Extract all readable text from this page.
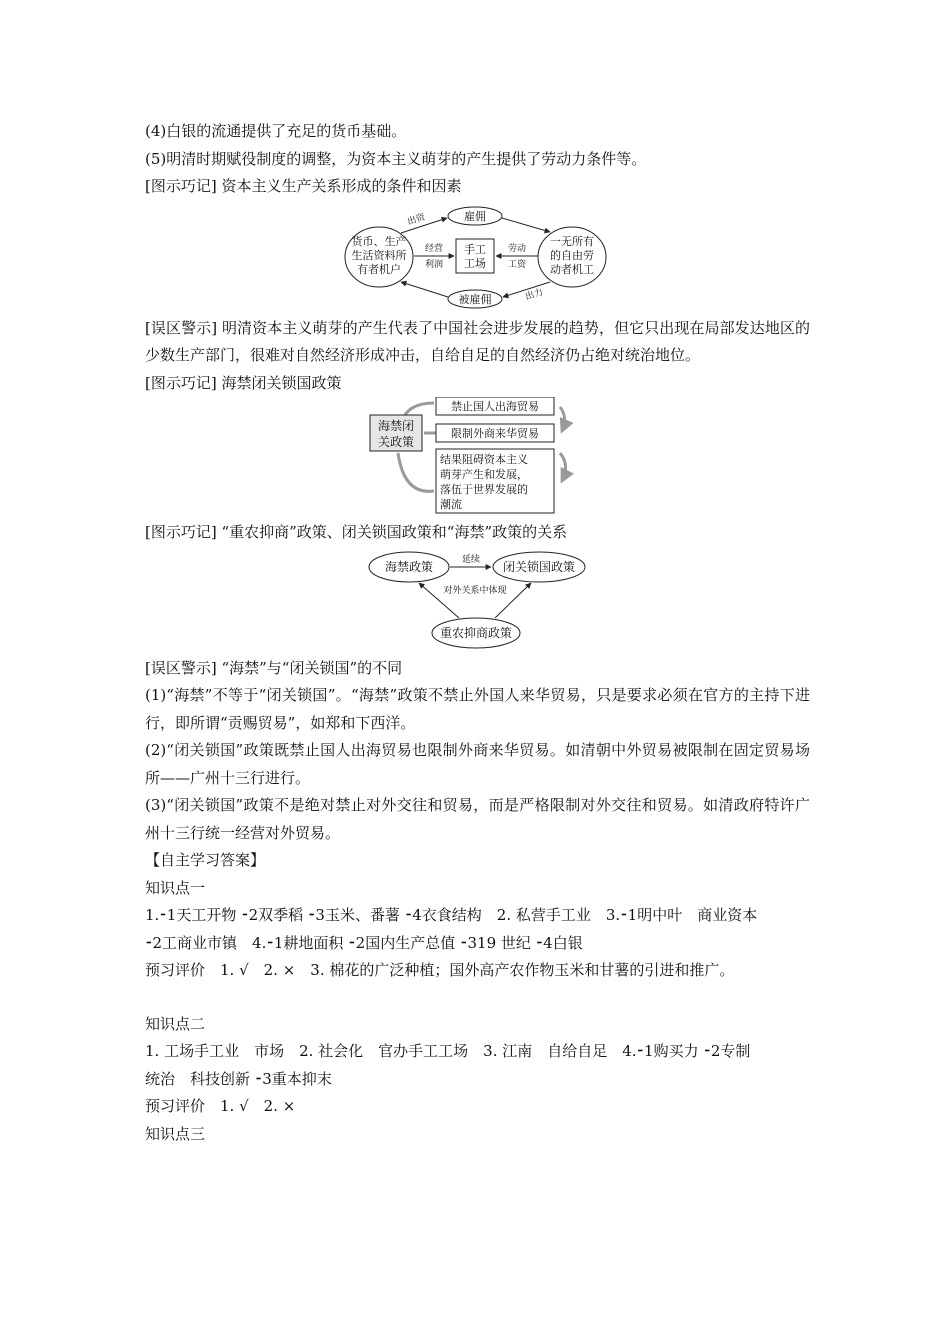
(4)白银的流通提供了充足的货币基础。
(5)明清时期赋役制度的调整，为资本主义萌芽的产生提供了劳动力条件等。
[图示巧记] 资本主义生产关系形成的条件和因素
货币、生产
生活资料所
有者机户
雇佣
一无所有
的自由劳
动者机工
被雇佣
手工
工场
出资
出力
经营
利润
劳动
工资
[误区警示] 明清资本主义萌芽的产生代表了中国社会进步发展的趋势，但它只出现在局部发达地区的少数生产部门，很难对自然经济形成冲击，自给自足的自然经济仍占绝对统治地位。
[图示巧记] 海禁闭关锁国政策
海禁闭
关政策
禁止国人出海贸易
限制外商来华贸易
结果阻碍资本主义
萌芽产生和发展，
落伍于世界发展的
潮流
[图示巧记] “重农抑商”政策、闭关锁国政策和“海禁”政策的关系
海禁政策	闭关锁国政策
重农抑商政策
延续
对外关系中体现
[误区警示] “海禁”与“闭关锁国”的不同
(1)“海禁”不等于“闭关锁国”。“海禁”政策不禁止外国人来华贸易，只是要求必须在官方的主持下进行，即所谓“贡赐贸易”，如郑和下西洋。
(2)“闭关锁国”政策既禁止国人出海贸易也限制外商来华贸易。如清朝中外贸易被限制在固定贸易场所——广州十三行进行。
(3)“闭关锁国”政策不是绝对禁止对外交往和贸易，而是严格限制对外交往和贸易。如清政府特许广州十三行统一经营对外贸易。
【自主学习答案】
知识点一
1.⁃1天工开物 ⁃2双季稻 ⁃3玉米、番薯 ⁃4衣食结构　2. 私营手工业　3.⁃1明中叶　商业资本
⁃2工商业市镇　4.⁃1耕地面积 ⁃2国内生产总值 ⁃319 世纪 ⁃4白银
预习评价　1. √　2. ×　3. 棉花的广泛种植；国外高产农作物玉米和甘薯的引进和推广。
知识点二
1. 工场手工业　市场　2. 社会化　官办手工工场　3. 江南　自给自足　4.⁃1购买力 ⁃2专制
统治　科技创新 ⁃3重本抑末
预习评价　1. √　2. ×
知识点三
